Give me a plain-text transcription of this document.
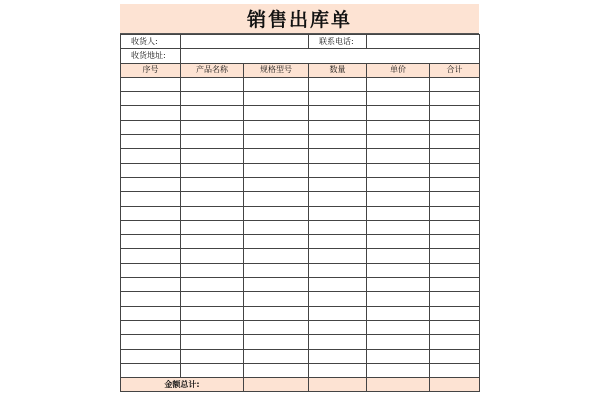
销售出库单
收货人:			联系电话:		
收货地址:					
序号	产品名称	规格型号	数量	单价	合计

金额总计:					
